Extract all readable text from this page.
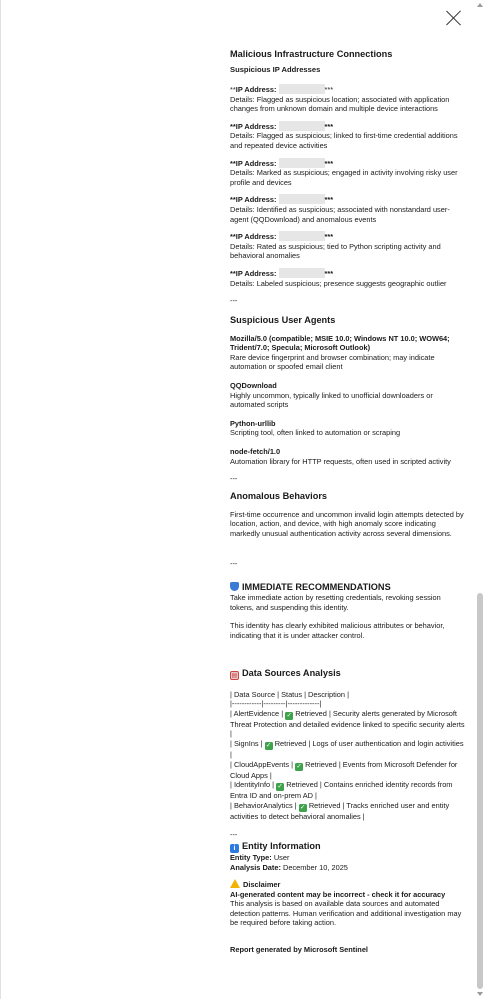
Malicious Infrastructure Connections
Suspicious IP Addresses
**IP Address:	***
Details: Flagged as suspicious location; associated with application changes from unknown domain and multiple device interactions
**IP Address:	***
Details: Flagged as suspicious; linked to first-time credential additions and repeated device activities
**IP Address:	***
Details: Marked as suspicious; engaged in activity involving risky user profile and devices
**IP Address:	***
Details: Identified as suspicious; associated with nonstandard user-agent (QQDownload) and anomalous events
**IP Address:	***
Details: Rated as suspicious; tied to Python scripting activity and behavioral anomalies
**IP Address:	***
Details: Labeled suspicious; presence suggests geographic outlier
---
Suspicious User Agents
Mozilla/5.0 (compatible; MSIE 10.0; Windows NT 10.0; WOW64; Trident/7.0; Specula; Microsoft Outlook)
Rare device fingerprint and browser combination; may indicate automation or spoofed email client
QQDownload
Highly uncommon, typically linked to unofficial downloaders or automated scripts
Python-urllib
Scripting tool, often linked to automation or scraping
node-fetch/1.0
Automation library for HTTP requests, often used in scripted activity
---
Anomalous Behaviors
First-time occurrence and uncommon invalid login attempts detected by location, action, and device, with high anomaly score indicating markedly unusual authentication activity across several dimensions.
---
IMMEDIATE RECOMMENDATIONS
Take immediate action by resetting credentials, revoking session tokens, and suspending this identity.
This identity has clearly exhibited malicious attributes or behavior, indicating that it is under attacker control.
▤ Data Sources Analysis
| Data Source | Status | Description |
|------------|---------|-------------|
| AlertEvidence | ✓ Retrieved | Security alerts generated by Microsoft Threat Protection and detailed evidence linked to specific security alerts |
| SignIns | ✓ Retrieved | Logs of user authentication and login activities |
| CloudAppEvents | ✓ Retrieved | Events from Microsoft Defender for Cloud Apps |
| IdentityInfo | ✓ Retrieved | Contains enriched identity records from Entra ID and on-prem AD |
| BehaviorAnalytics | ✓ Retrieved | Tracks enriched user and entity activities to detect behavioral anomalies |
---
i Entity Information
Entity Type: User
Analysis Date: December 10, 2025
Disclaimer
AI-generated content may be incorrect - check it for accuracy
This analysis is based on available data sources and automated detection patterns. Human verification and additional investigation may be required before taking action.
Report generated by Microsoft Sentinel
